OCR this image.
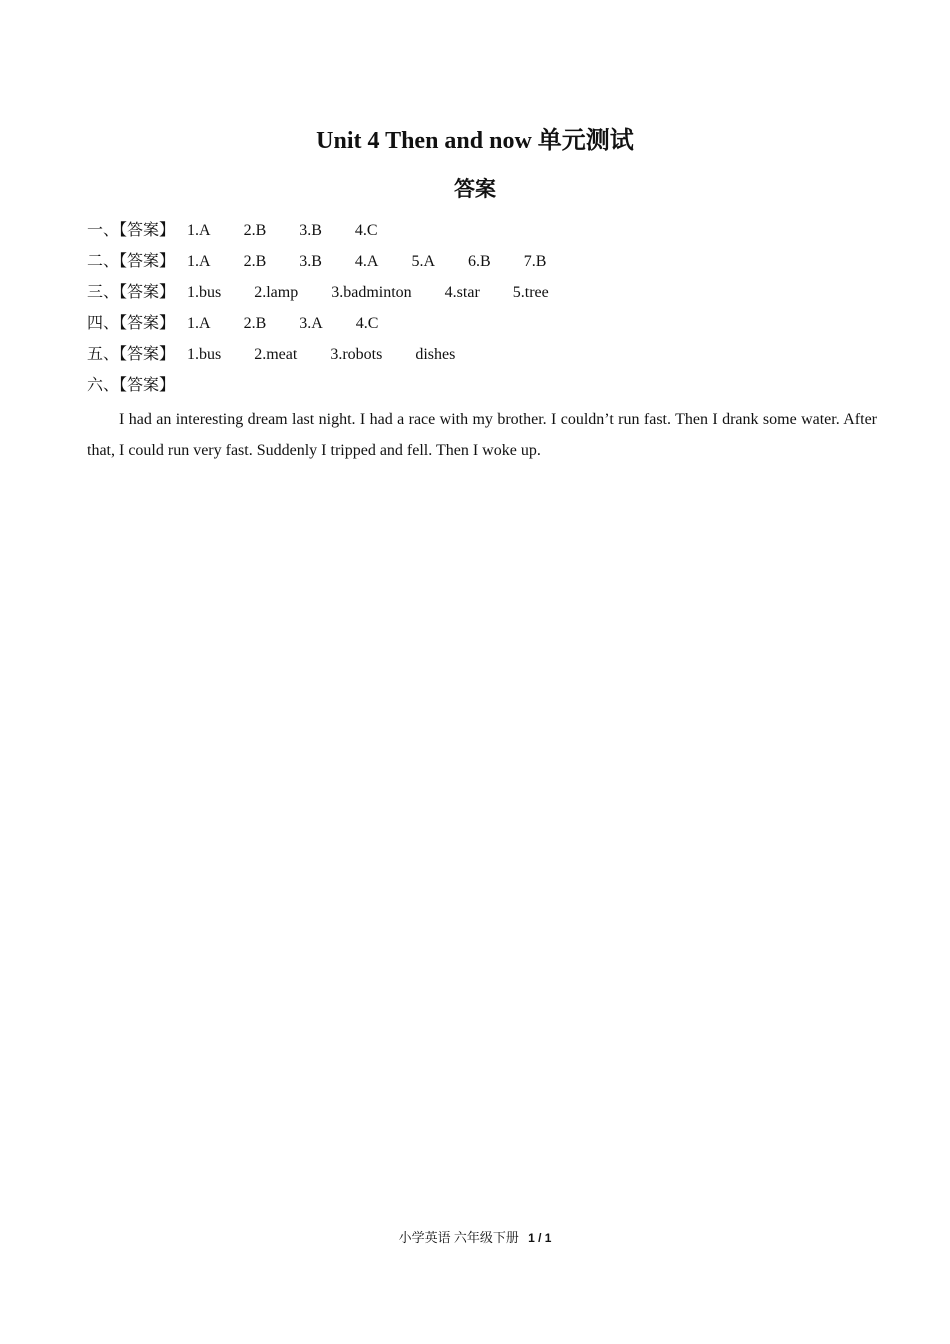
Unit 4 Then and now 单元测试
答案
一、【答案】 1.A 2.B 3.B 4.C
二、【答案】 1.A 2.B 3.B 4.A 5.A 6.B 7.B
三、【答案】 1.bus 2.lamp 3.badminton 4.star 5.tree
四、【答案】 1.A 2.B 3.A 4.C
五、【答案】 1.bus 2.meat 3.robots dishes
六、【答案】
I had an interesting dream last night. I had a race with my brother. I couldn’t run fast. Then I drank some water. After that, I could run very fast. Suddenly I tripped and fell. Then I woke up.
小学英语 六年级下册 1 / 1
